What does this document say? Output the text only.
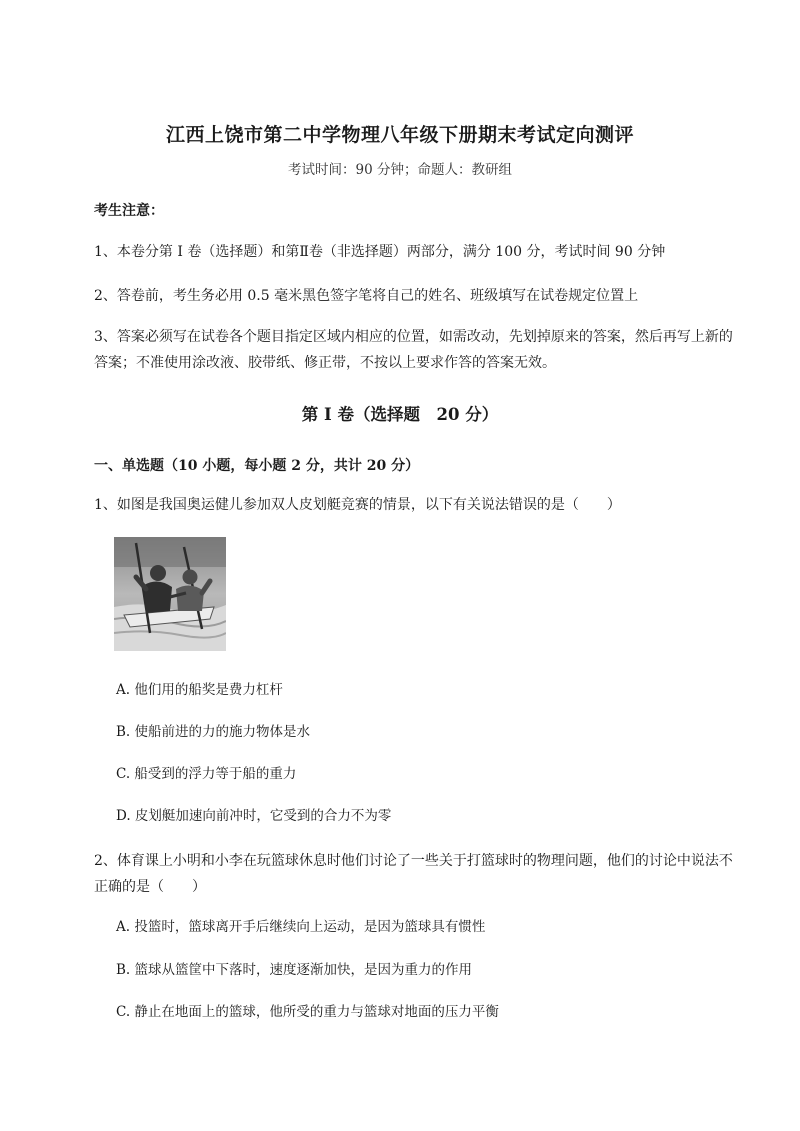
江西上饶市第二中学物理八年级下册期末考试定向测评
考试时间：90 分钟；命题人：教研组
考生注意：
1、本卷分第 I 卷（选择题）和第Ⅱ卷（非选择题）两部分，满分 100 分，考试时间 90 分钟
2、答卷前，考生务必用 0.5 毫米黑色签字笔将自己的姓名、班级填写在试卷规定位置上
3、答案必须写在试卷各个题目指定区域内相应的位置，如需改动，先划掉原来的答案，然后再写上新的答案；不准使用涂改液、胶带纸、修正带，不按以上要求作答的答案无效。
第 I 卷（选择题　20 分）
一、单选题（10 小题，每小题 2 分，共计 20 分）
1、如图是我国奥运健儿参加双人皮划艇竞赛的情景，以下有关说法错误的是（　　）
A. 他们用的船奖是费力杠杆
B. 使船前进的力的施力物体是水
C. 船受到的浮力等于船的重力
D. 皮划艇加速向前冲时，它受到的合力不为零
2、体育课上小明和小李在玩篮球休息时他们讨论了一些关于打篮球时的物理问题，他们的讨论中说法不正确的是（　　）
A. 投篮时，篮球离开手后继续向上运动，是因为篮球具有惯性
B. 篮球从篮筐中下落时，速度逐渐加快，是因为重力的作用
C. 静止在地面上的篮球，他所受的重力与篮球对地面的压力平衡
